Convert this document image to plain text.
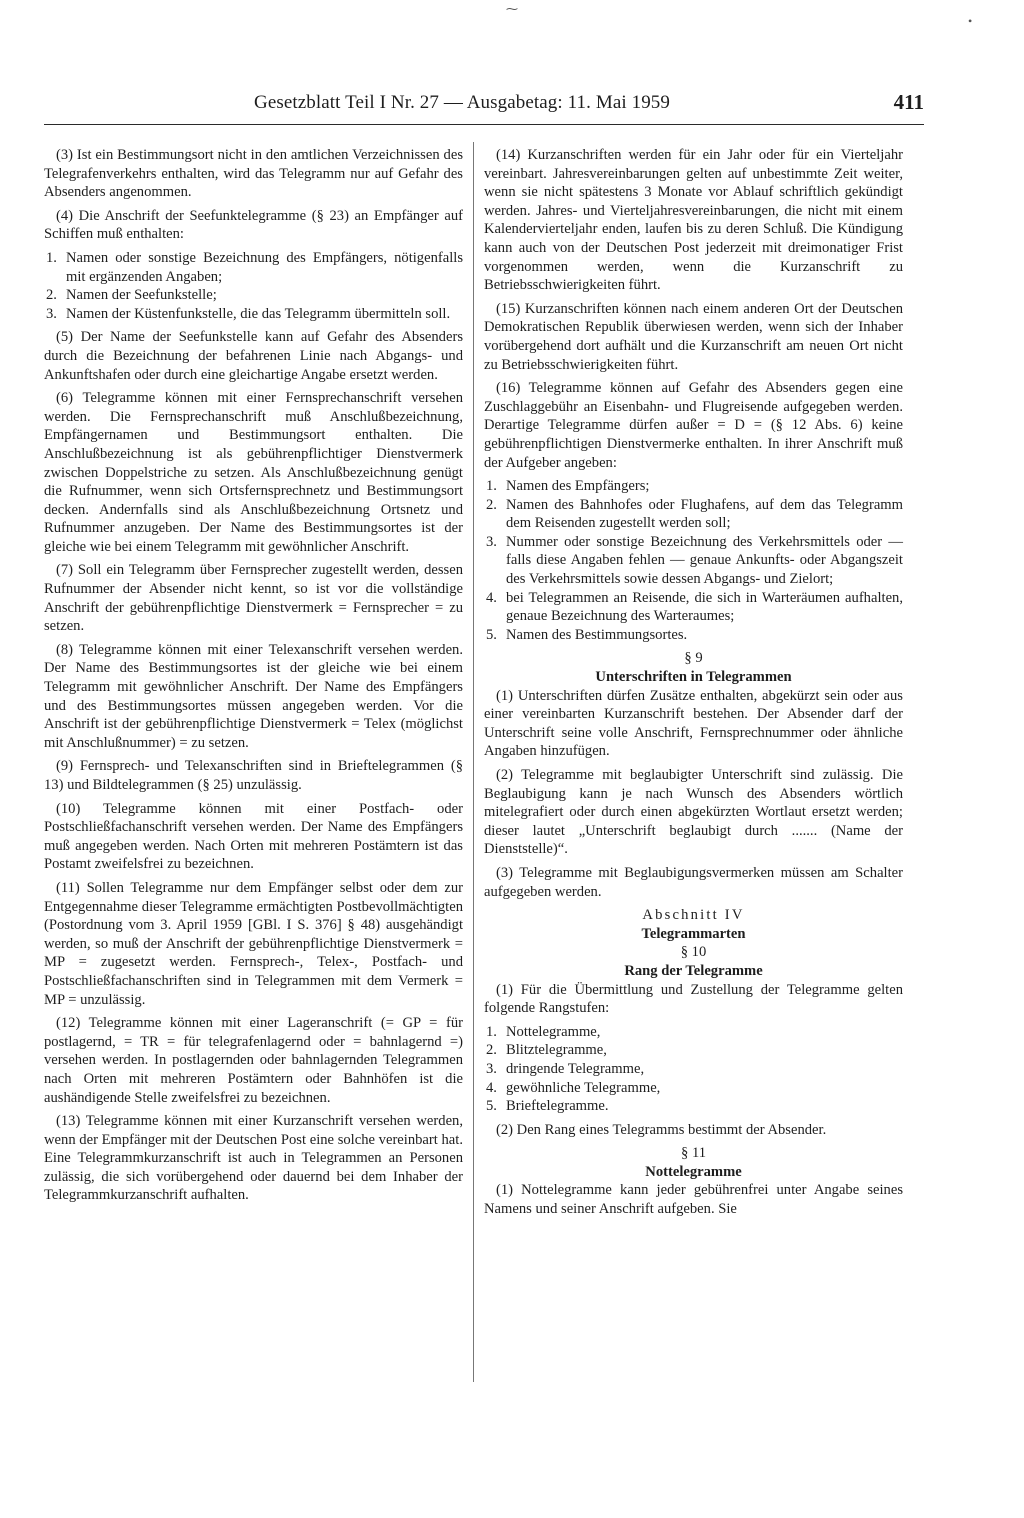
Gesetzblatt Teil I Nr. 27 — Ausgabetag: 11. Mai 1959	411

(3) Ist ein Bestimmungsort nicht in den amtlichen Verzeichnissen des Telegrafenverkehrs enthalten, wird das Telegramm nur auf Gefahr des Absenders angenommen.

(4) Die Anschrift der Seefunktelegramme (§ 23) an Empfänger auf Schiffen muß enthalten:

1. Namen oder sonstige Bezeichnung des Empfängers, nötigenfalls mit ergänzenden Angaben;
2. Namen der Seefunkstelle;
3. Namen der Küstenfunkstelle, die das Telegramm übermitteln soll.

(5) Der Name der Seefunkstelle kann auf Gefahr des Absenders durch die Bezeichnung der befahrenen Linie nach Abgangs- und Ankunftshafen oder durch eine gleichartige Angabe ersetzt werden.

(6) Telegramme können mit einer Fernsprechanschrift versehen werden. Die Fernsprechanschrift muß Anschlußbezeichnung, Empfängernamen und Bestimmungsort enthalten. Die Anschlußbezeichnung ist als gebührenpflichtiger Dienstvermerk zwischen Doppelstriche zu setzen. Als Anschlußbezeichnung genügt die Rufnummer, wenn sich Ortsfernsprechnetz und Bestimmungsort decken. Andernfalls sind als Anschlußbezeichnung Ortsnetz und Rufnummer anzugeben. Der Name des Bestimmungsortes ist der gleiche wie bei einem Telegramm mit gewöhnlicher Anschrift.

(7) Soll ein Telegramm über Fernsprecher zugestellt werden, dessen Rufnummer der Absender nicht kennt, so ist vor die vollständige Anschrift der gebührenpflichtige Dienstvermerk = Fernsprecher = zu setzen.

(8) Telegramme können mit einer Telexanschrift versehen werden. Der Name des Bestimmungsortes ist der gleiche wie bei einem Telegramm mit gewöhnlicher Anschrift. Der Name des Empfängers und des Bestimmungsortes müssen angegeben werden. Vor die Anschrift ist der gebührenpflichtige Dienstvermerk = Telex (möglichst mit Anschlußnummer) = zu setzen.

(9) Fernsprech- und Telexanschriften sind in Brieftelegrammen (§ 13) und Bildtelegrammen (§ 25) unzulässig.

(10) Telegramme können mit einer Postfach- oder Postschließfachanschrift versehen werden. Der Name des Empfängers muß angegeben werden. Nach Orten mit mehreren Postämtern ist das Postamt zweifelsfrei zu bezeichnen.

(11) Sollen Telegramme nur dem Empfänger selbst oder dem zur Entgegennahme dieser Telegramme ermächtigten Postbevollmächtigten (Postordnung vom 3. April 1959 [GBl. I S. 376] § 48) ausgehändigt werden, so muß der Anschrift der gebührenpflichtige Dienstvermerk = MP = zugesetzt werden. Fernsprech-, Telex-, Postfach- und Postschließfachanschriften sind in Telegrammen mit dem Vermerk = MP = unzulässig.

(12) Telegramme können mit einer Lageranschrift (= GP = für postlagernd, = TR = für telegrafenlagernd oder = bahnlagernd =) versehen werden. In postlagernden oder bahnlagernden Telegrammen nach Orten mit mehreren Postämtern oder Bahnhöfen ist die aushändigende Stelle zweifelsfrei zu bezeichnen.

(13) Telegramme können mit einer Kurzanschrift versehen werden, wenn der Empfänger mit der Deutschen Post eine solche vereinbart hat. Eine Telegrammkurzanschrift ist auch in Telegrammen an Personen zulässig, die sich vorübergehend oder dauernd bei dem Inhaber der Telegrammkurzanschrift aufhalten.

(14) Kurzanschriften werden für ein Jahr oder für ein Vierteljahr vereinbart. Jahresvereinbarungen gelten auf unbestimmte Zeit weiter, wenn sie nicht spätestens 3 Monate vor Ablauf schriftlich gekündigt werden. Jahres- und Vierteljahresvereinbarungen, die nicht mit einem Kalendervierteljahr enden, laufen bis zu deren Schluß. Die Kündigung kann auch von der Deutschen Post jederzeit mit dreimonatiger Frist vorgenommen werden, wenn die Kurzanschrift zu Betriebsschwierigkeiten führt.

(15) Kurzanschriften können nach einem anderen Ort der Deutschen Demokratischen Republik überwiesen werden, wenn sich der Inhaber vorübergehend dort aufhält und die Kurzanschrift am neuen Ort nicht zu Betriebsschwierigkeiten führt.

(16) Telegramme können auf Gefahr des Absenders gegen eine Zuschlaggebühr an Eisenbahn- und Flugreisende aufgegeben werden. Derartige Telegramme dürfen außer = D = (§ 12 Abs. 6) keine gebührenpflichtigen Dienstvermerke enthalten. In ihrer Anschrift muß der Aufgeber angeben:

1. Namen des Empfängers;
2. Namen des Bahnhofes oder Flughafens, auf dem das Telegramm dem Reisenden zugestellt werden soll;
3. Nummer oder sonstige Bezeichnung des Verkehrsmittels oder — falls diese Angaben fehlen — genaue Ankunfts- oder Abgangszeit des Verkehrsmittels sowie dessen Abgangs- und Zielort;
4. bei Telegrammen an Reisende, die sich in Warteräumen aufhalten, genaue Bezeichnung des Warteraumes;
5. Namen des Bestimmungsortes.

§ 9

Unterschriften in Telegrammen

(1) Unterschriften dürfen Zusätze enthalten, abgekürzt sein oder aus einer vereinbarten Kurzanschrift bestehen. Der Absender darf der Unterschrift seine volle Anschrift, Fernsprechnummer oder ähnliche Angaben hinzufügen.

(2) Telegramme mit beglaubigter Unterschrift sind zulässig. Die Beglaubigung kann je nach Wunsch des Absenders wörtlich mitelegrafiert oder durch einen abgekürzten Wortlaut ersetzt werden; dieser lautet „Unterschrift beglaubigt durch ....... (Name der Dienststelle)“.

(3) Telegramme mit Beglaubigungsvermerken müssen am Schalter aufgegeben werden.

Abschnitt IV

Telegrammarten

§ 10

Rang der Telegramme

(1) Für die Übermittlung und Zustellung der Telegramme gelten folgende Rangstufen:

1. Nottelegramme,
2. Blitztelegramme,
3. dringende Telegramme,
4. gewöhnliche Telegramme,
5. Brieftelegramme.

(2) Den Rang eines Telegramms bestimmt der Absender.

§ 11

Nottelegramme

(1) Nottelegramme kann jeder gebührenfrei unter Angabe seines Namens und seiner Anschrift aufgeben. Sie

⁓
•
